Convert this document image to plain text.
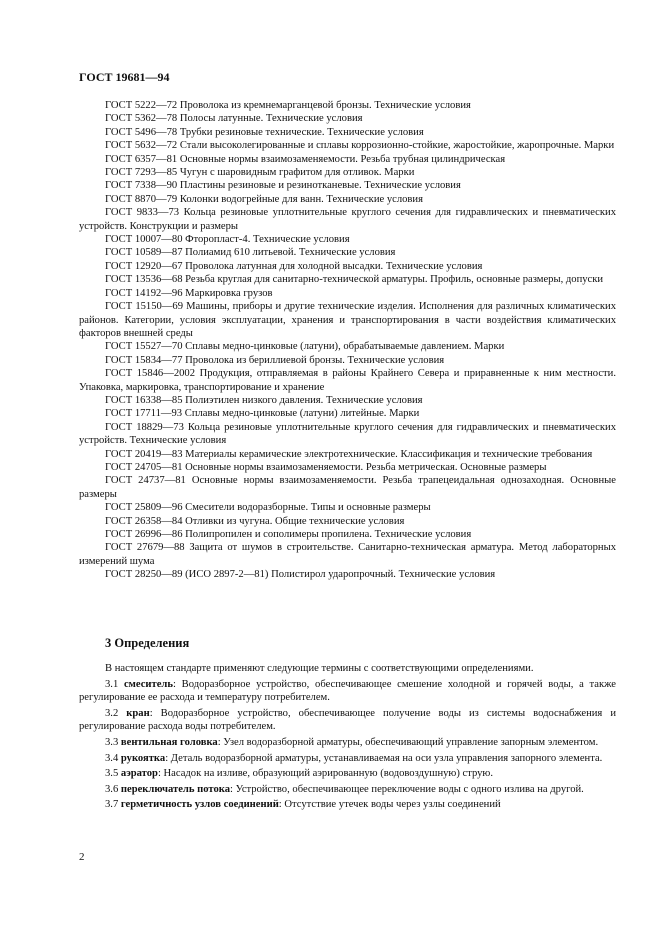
ГОСТ 19681—94

ГОСТ 5222—72 Проволока из кремнемарганцевой бронзы. Технические условия

ГОСТ 5362—78 Полосы латунные. Технические условия

ГОСТ 5496—78 Трубки резиновые технические. Технические условия

ГОСТ 5632—72 Стали высоколегированные и сплавы коррозионно-стойкие, жаростойкие, жаропрочные. Марки

ГОСТ 6357—81 Основные нормы взаимозаменяемости. Резьба трубная цилиндрическая

ГОСТ 7293—85 Чугун с шаровидным графитом для отливок. Марки

ГОСТ 7338—90 Пластины резиновые и резинотканевые. Технические условия

ГОСТ 8870—79 Колонки водогрейные для ванн. Технические условия

ГОСТ 9833—73 Кольца резиновые уплотнительные круглого сечения для гидравлических и пневматических устройств. Конструкции и размеры

ГОСТ 10007—80 Фторопласт-4. Технические условия

ГОСТ 10589—87 Полиамид 610 литьевой. Технические условия

ГОСТ 12920—67 Проволока латунная для холодной высадки. Технические условия

ГОСТ 13536—68 Резьба круглая для санитарно-технической арматуры. Профиль, основные размеры, допуски

ГОСТ 14192—96 Маркировка грузов

ГОСТ 15150—69 Машины, приборы и другие технические изделия. Исполнения для различных климатических районов. Категории, условия эксплуатации, хранения и транспортирования в части воздействия климатических факторов внешней среды

ГОСТ 15527—70 Сплавы медно-цинковые (латуни), обрабатываемые давлением. Марки

ГОСТ 15834—77 Проволока из бериллиевой бронзы. Технические условия

ГОСТ 15846—2002 Продукция, отправляемая в районы Крайнего Севера и приравненные к ним местности. Упаковка, маркировка, транспортирование и хранение

ГОСТ 16338—85 Полиэтилен низкого давления. Технические условия

ГОСТ 17711—93 Сплавы медно-цинковые (латуни) литейные. Марки

ГОСТ 18829—73 Кольца резиновые уплотнительные круглого сечения для гидравлических и пневматических устройств. Технические условия

ГОСТ 20419—83 Материалы керамические электротехнические. Классификация и технические требования

ГОСТ 24705—81 Основные нормы взаимозаменяемости. Резьба метрическая. Основные размеры

ГОСТ 24737—81 Основные нормы взаимозаменяемости. Резьба трапецеидальная однозаходная. Основные размеры

ГОСТ 25809—96 Смесители водоразборные. Типы и основные размеры

ГОСТ 26358—84 Отливки из чугуна. Общие технические условия

ГОСТ 26996—86 Полипропилен и сополимеры пропилена. Технические условия

ГОСТ 27679—88 Защита от шумов в строительстве. Санитарно-техническая арматура. Метод лабораторных измерений шума

ГОСТ 28250—89 (ИСО 2897-2—81) Полистирол ударопрочный. Технические условия

3 Определения

В настоящем стандарте применяют следующие термины с соответствующими определениями.

3.1 смеситель: Водоразборное устройство, обеспечивающее смешение холодной и горячей воды, а также регулирование ее расхода и температуру потребителем.

3.2 кран: Водоразборное устройство, обеспечивающее получение воды из системы водоснабжения и регулирование расхода воды потребителем.

3.3 вентильная головка: Узел водоразборной арматуры, обеспечивающий управление запорным элементом.

3.4 рукоятка: Деталь водоразборной арматуры, устанавливаемая на оси узла управления запорного элемента.

3.5 аэратор: Насадок на изливе, образующий аэрированную (водовоздушную) струю.

3.6 переключатель потока: Устройство, обеспечивающее переключение воды с одного излива на другой.

3.7 герметичность узлов соединений: Отсутствие утечек воды через узлы соединений

2
